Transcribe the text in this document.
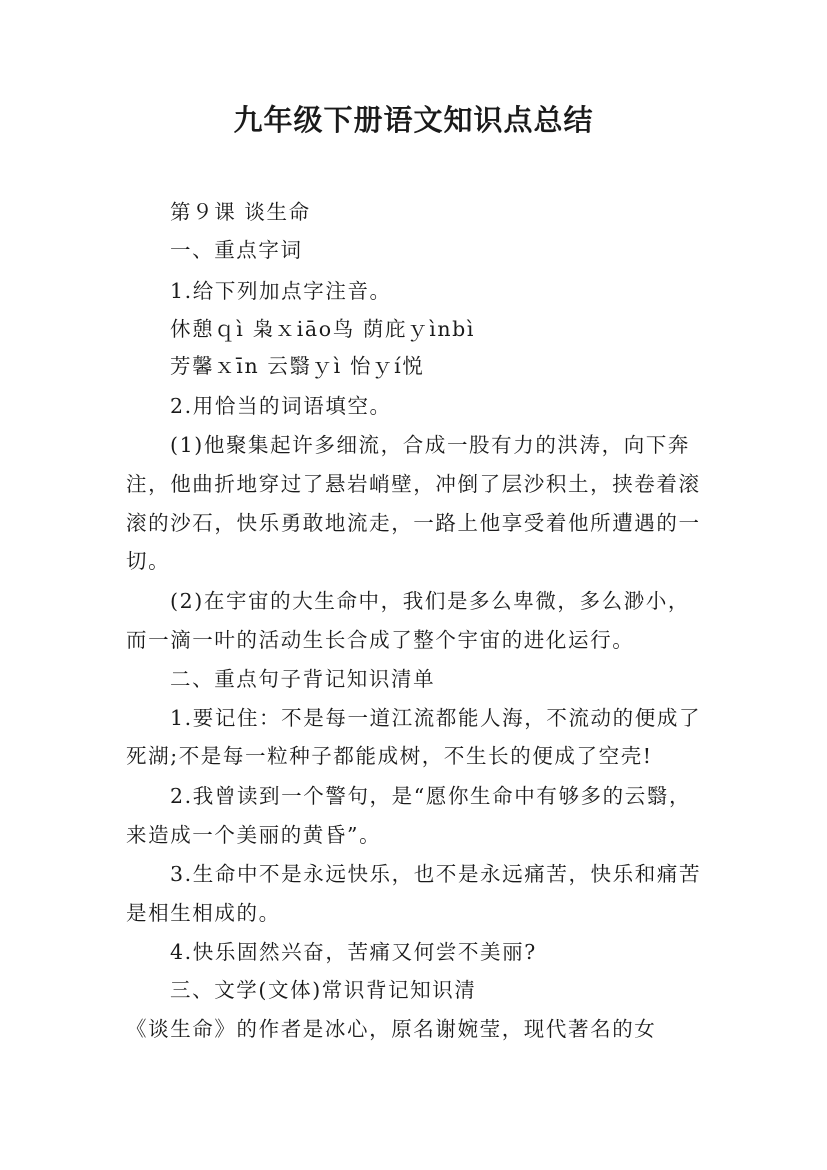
九年级下册语文知识点总结
第９课 谈生命
一、重点字词
1.给下列加点字注音。
休憩ｑì 枭ｘiāo鸟 荫庇ｙìnbì
芳馨ｘīn 云翳ｙì 怡ｙí悦
2.用恰当的词语填空。
(1)他聚集起许多细流，合成一股有力的洪涛，向下奔
注，他曲折地穿过了悬岩峭壁，冲倒了层沙积土，挟卷着滚
滚的沙石，快乐勇敢地流走，一路上他享受着他所遭遇的一
切。
(2)在宇宙的大生命中，我们是多么卑微，多么渺小，
而一滴一叶的活动生长合成了整个宇宙的进化运行。
二、重点句子背记知识清单
1.要记住：不是每一道江流都能人海，不流动的便成了
死湖;不是每一粒种子都能成树，不生长的便成了空壳!
2.我曾读到一个警句，是“愿你生命中有够多的云翳，
来造成一个美丽的黄昏”。
3.生命中不是永远快乐，也不是永远痛苦，快乐和痛苦
是相生相成的。
4.快乐固然兴奋，苦痛又何尝不美丽?
三、文学(文体)常识背记知识清
《谈生命》的作者是冰心，原名谢婉莹，现代著名的女
